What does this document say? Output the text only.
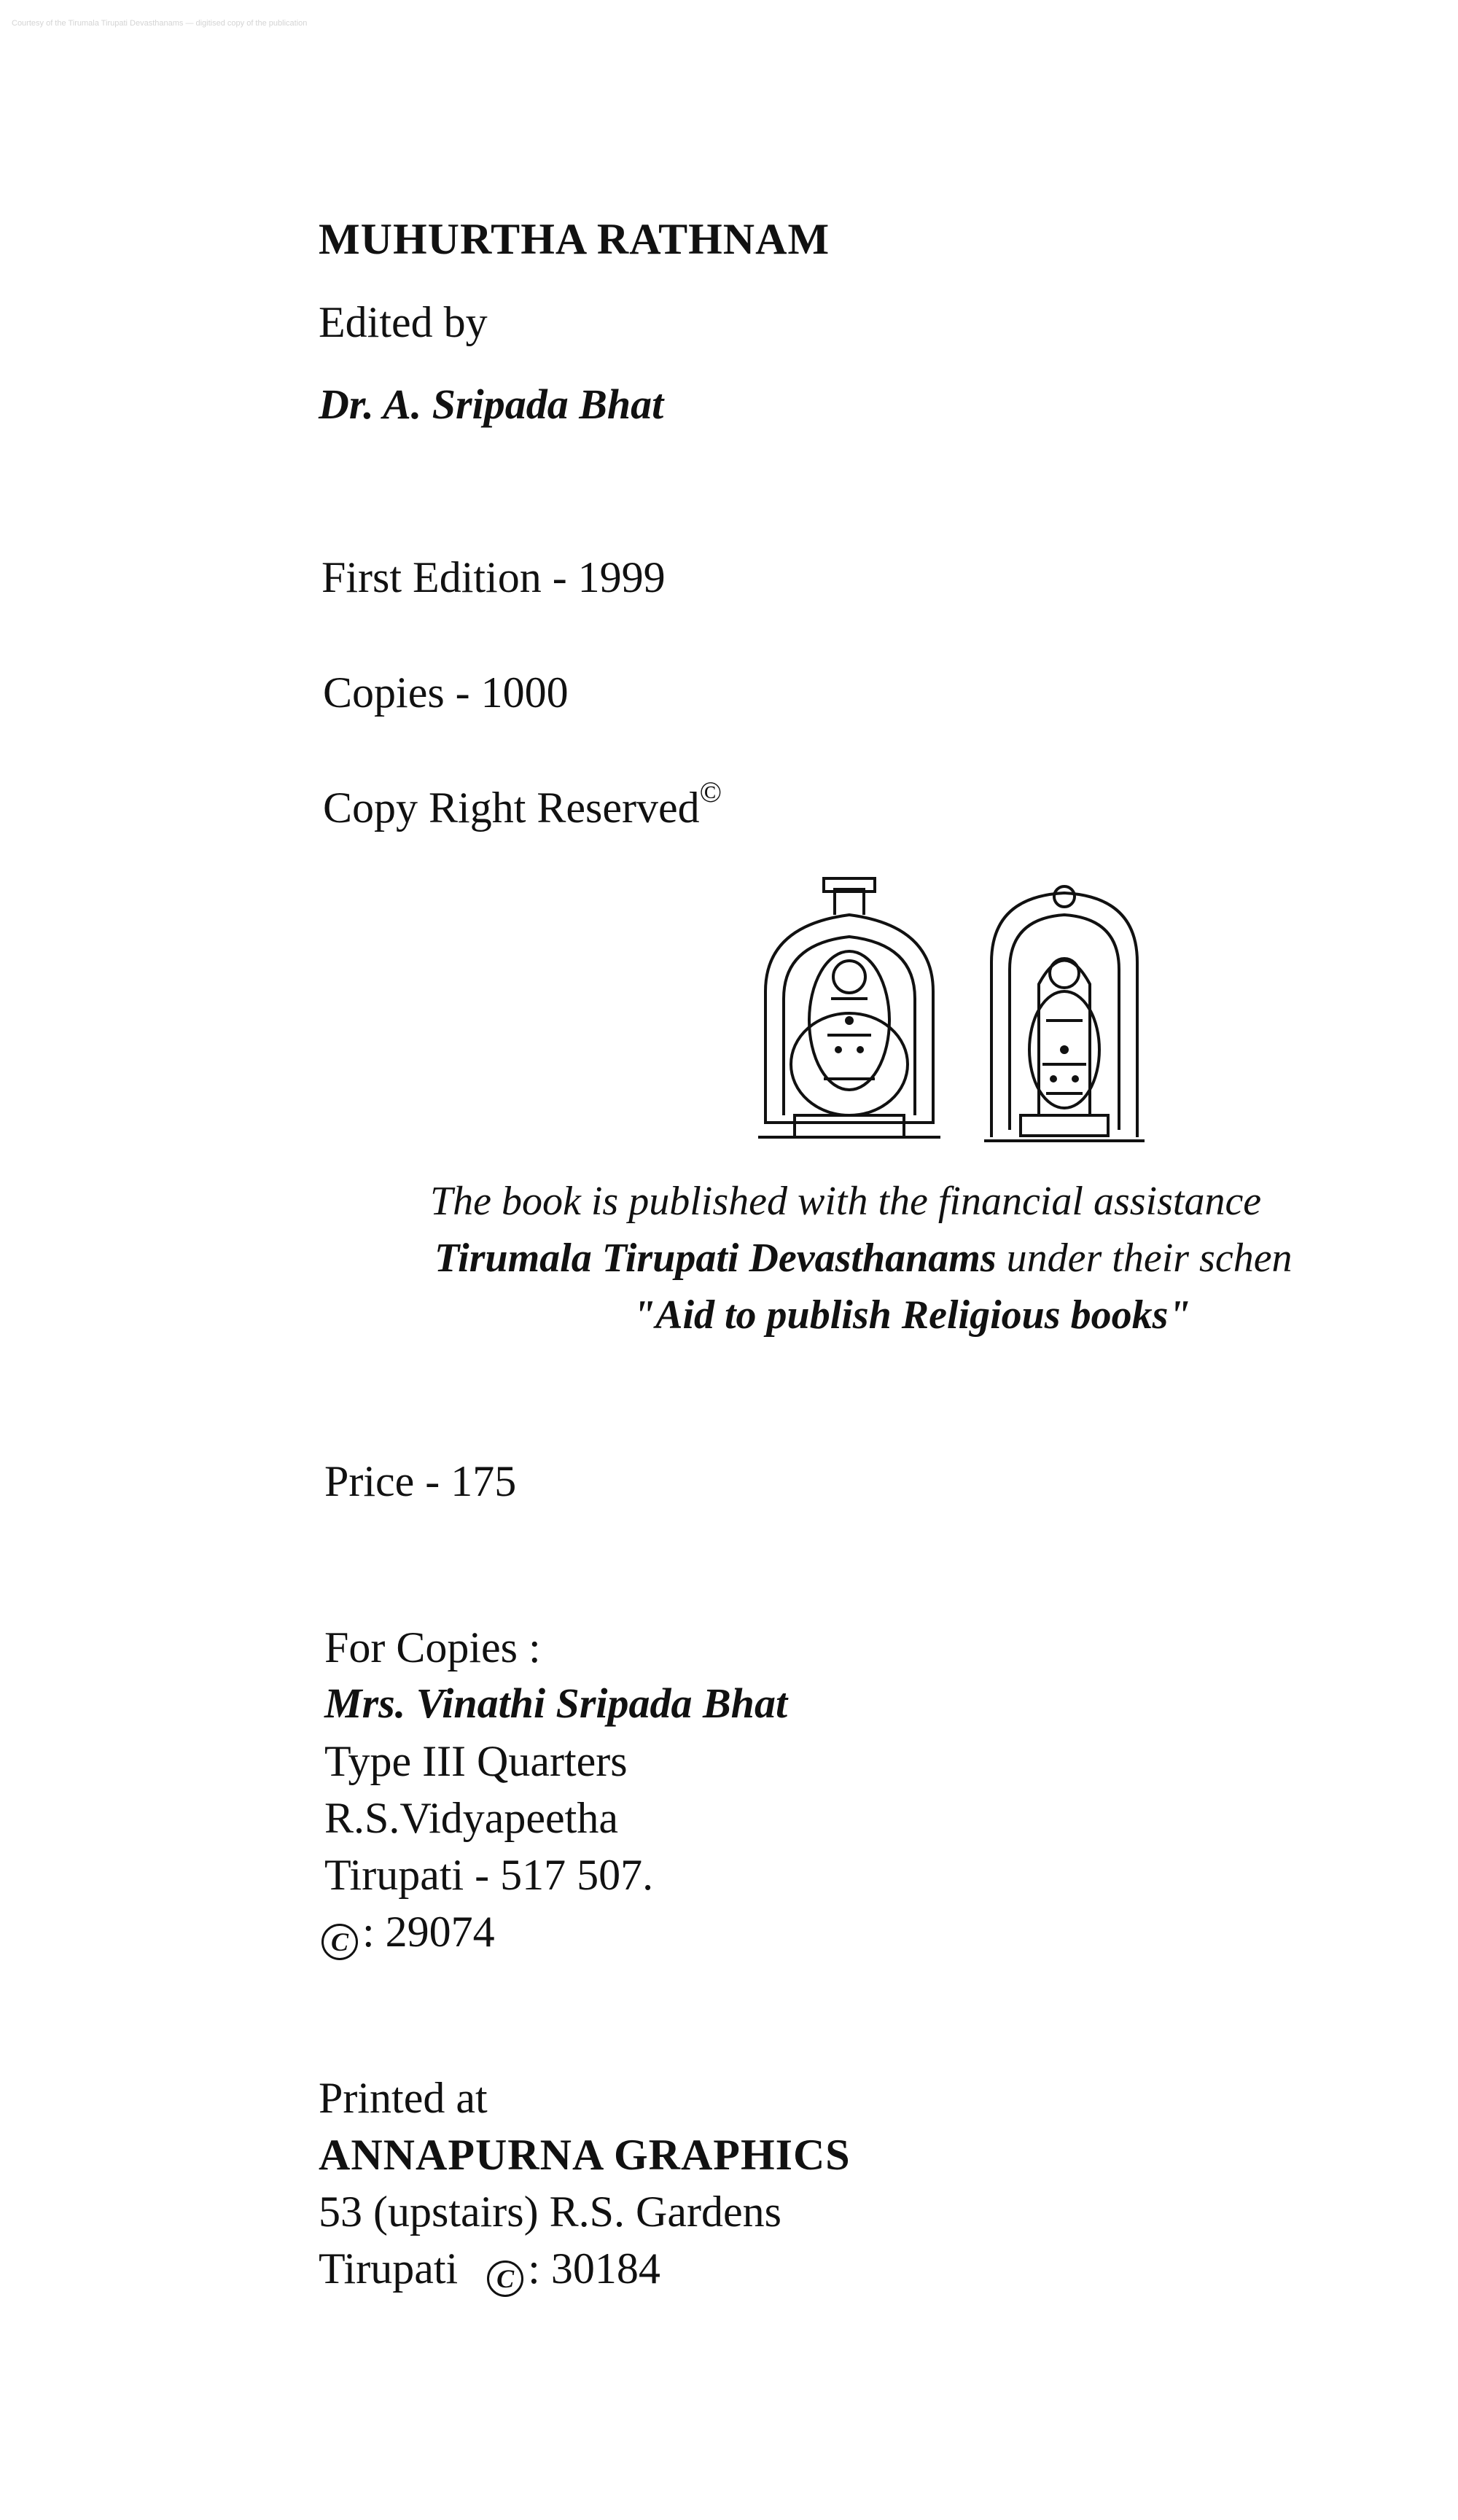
Courtesy of the Tirumala Tirupati Devasthanams — digitised copy of the publication
MUHURTHA RATHNAM
Edited by
Dr. A. Sripada Bhat
First Edition - 1999
Copies - 1000
Copy Right Reserved©
The book is published with the financial assistance
Tirumala Tirupati Devasthanams under their schen
"Aid to publish Religious books"
Price - 175
For Copies :
Mrs. Vinathi Sripada Bhat
Type III Quarters
R.S.Vidyapeetha
Tirupati - 517 507.
C : 29074
Printed at
ANNAPURNA GRAPHICS
53 (upstairs) R.S. Gardens
Tirupati C : 30184
